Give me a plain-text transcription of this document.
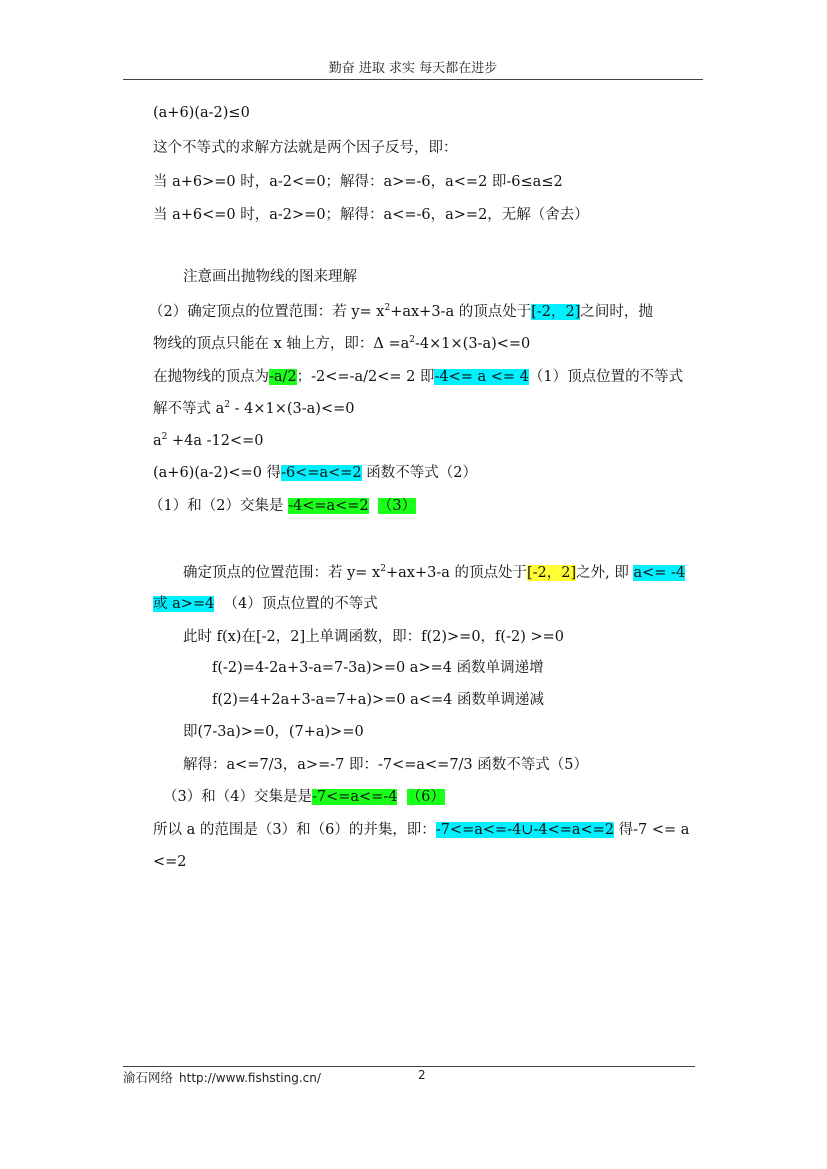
勤奋 进取 求实 每天都在进步
(a+6)(a-2)≤0
这个不等式的求解方法就是两个因子反号，即：
当 a+6>=0 时，a-2<=0；解得：a>=-6，a<=2 即-6≤a≤2
当 a+6<=0 时，a-2>=0；解得：a<=-6，a>=2，无解（舍去）
注意画出抛物线的图来理解
（2）确定顶点的位置范围：若 $y= x^2+ax+3-a$ 的顶点处于[-2，2]之间时，抛
物线的顶点只能在 x 轴上方，即：$\Delta =a^2-4\times 1\times(3-a)<=0$
在抛物线的顶点为-a/2；-2<=-a/2<= 2 即-4<= a <= 4（1）顶点位置的不等式
解不等式 $a^2 - 4\times 1\times(3-a)<=0$
$a^2 +4a$ -12<=0
(a+6)(a-2)<=0 得-6<=a<=2 函数不等式（2）
（1）和（2）交集是 -4<=a<=2 （3）
确定顶点的位置范围：若 $y= x^2+ax+3-a$ 的顶点处于[-2，2]之外, 即 a<= -4
或 a>=4 （4）顶点位置的不等式
此时 f(x)在[-2，2]上单调函数，即：f(2)>=0，f(-2) >=0
f(-2)=4-2a+3-a=7-3a)>=0 a>=4 函数单调递增
f(2)=4+2a+3-a=7+a)>=0 a<=4 函数单调递减
即(7-3a)>=0，(7+a)>=0
解得：a<=7/3，a>=-7 即：-7<=a<=7/3 函数不等式（5）
（3）和（4）交集是是-7<=a<=-4 （6）
所以 a 的范围是（3）和（6）的并集，即：-7<=a<=-4∪-4<=a<=2 得-7 <= a
<=2
渝石网络 http://www.fishsting.cn/	2
